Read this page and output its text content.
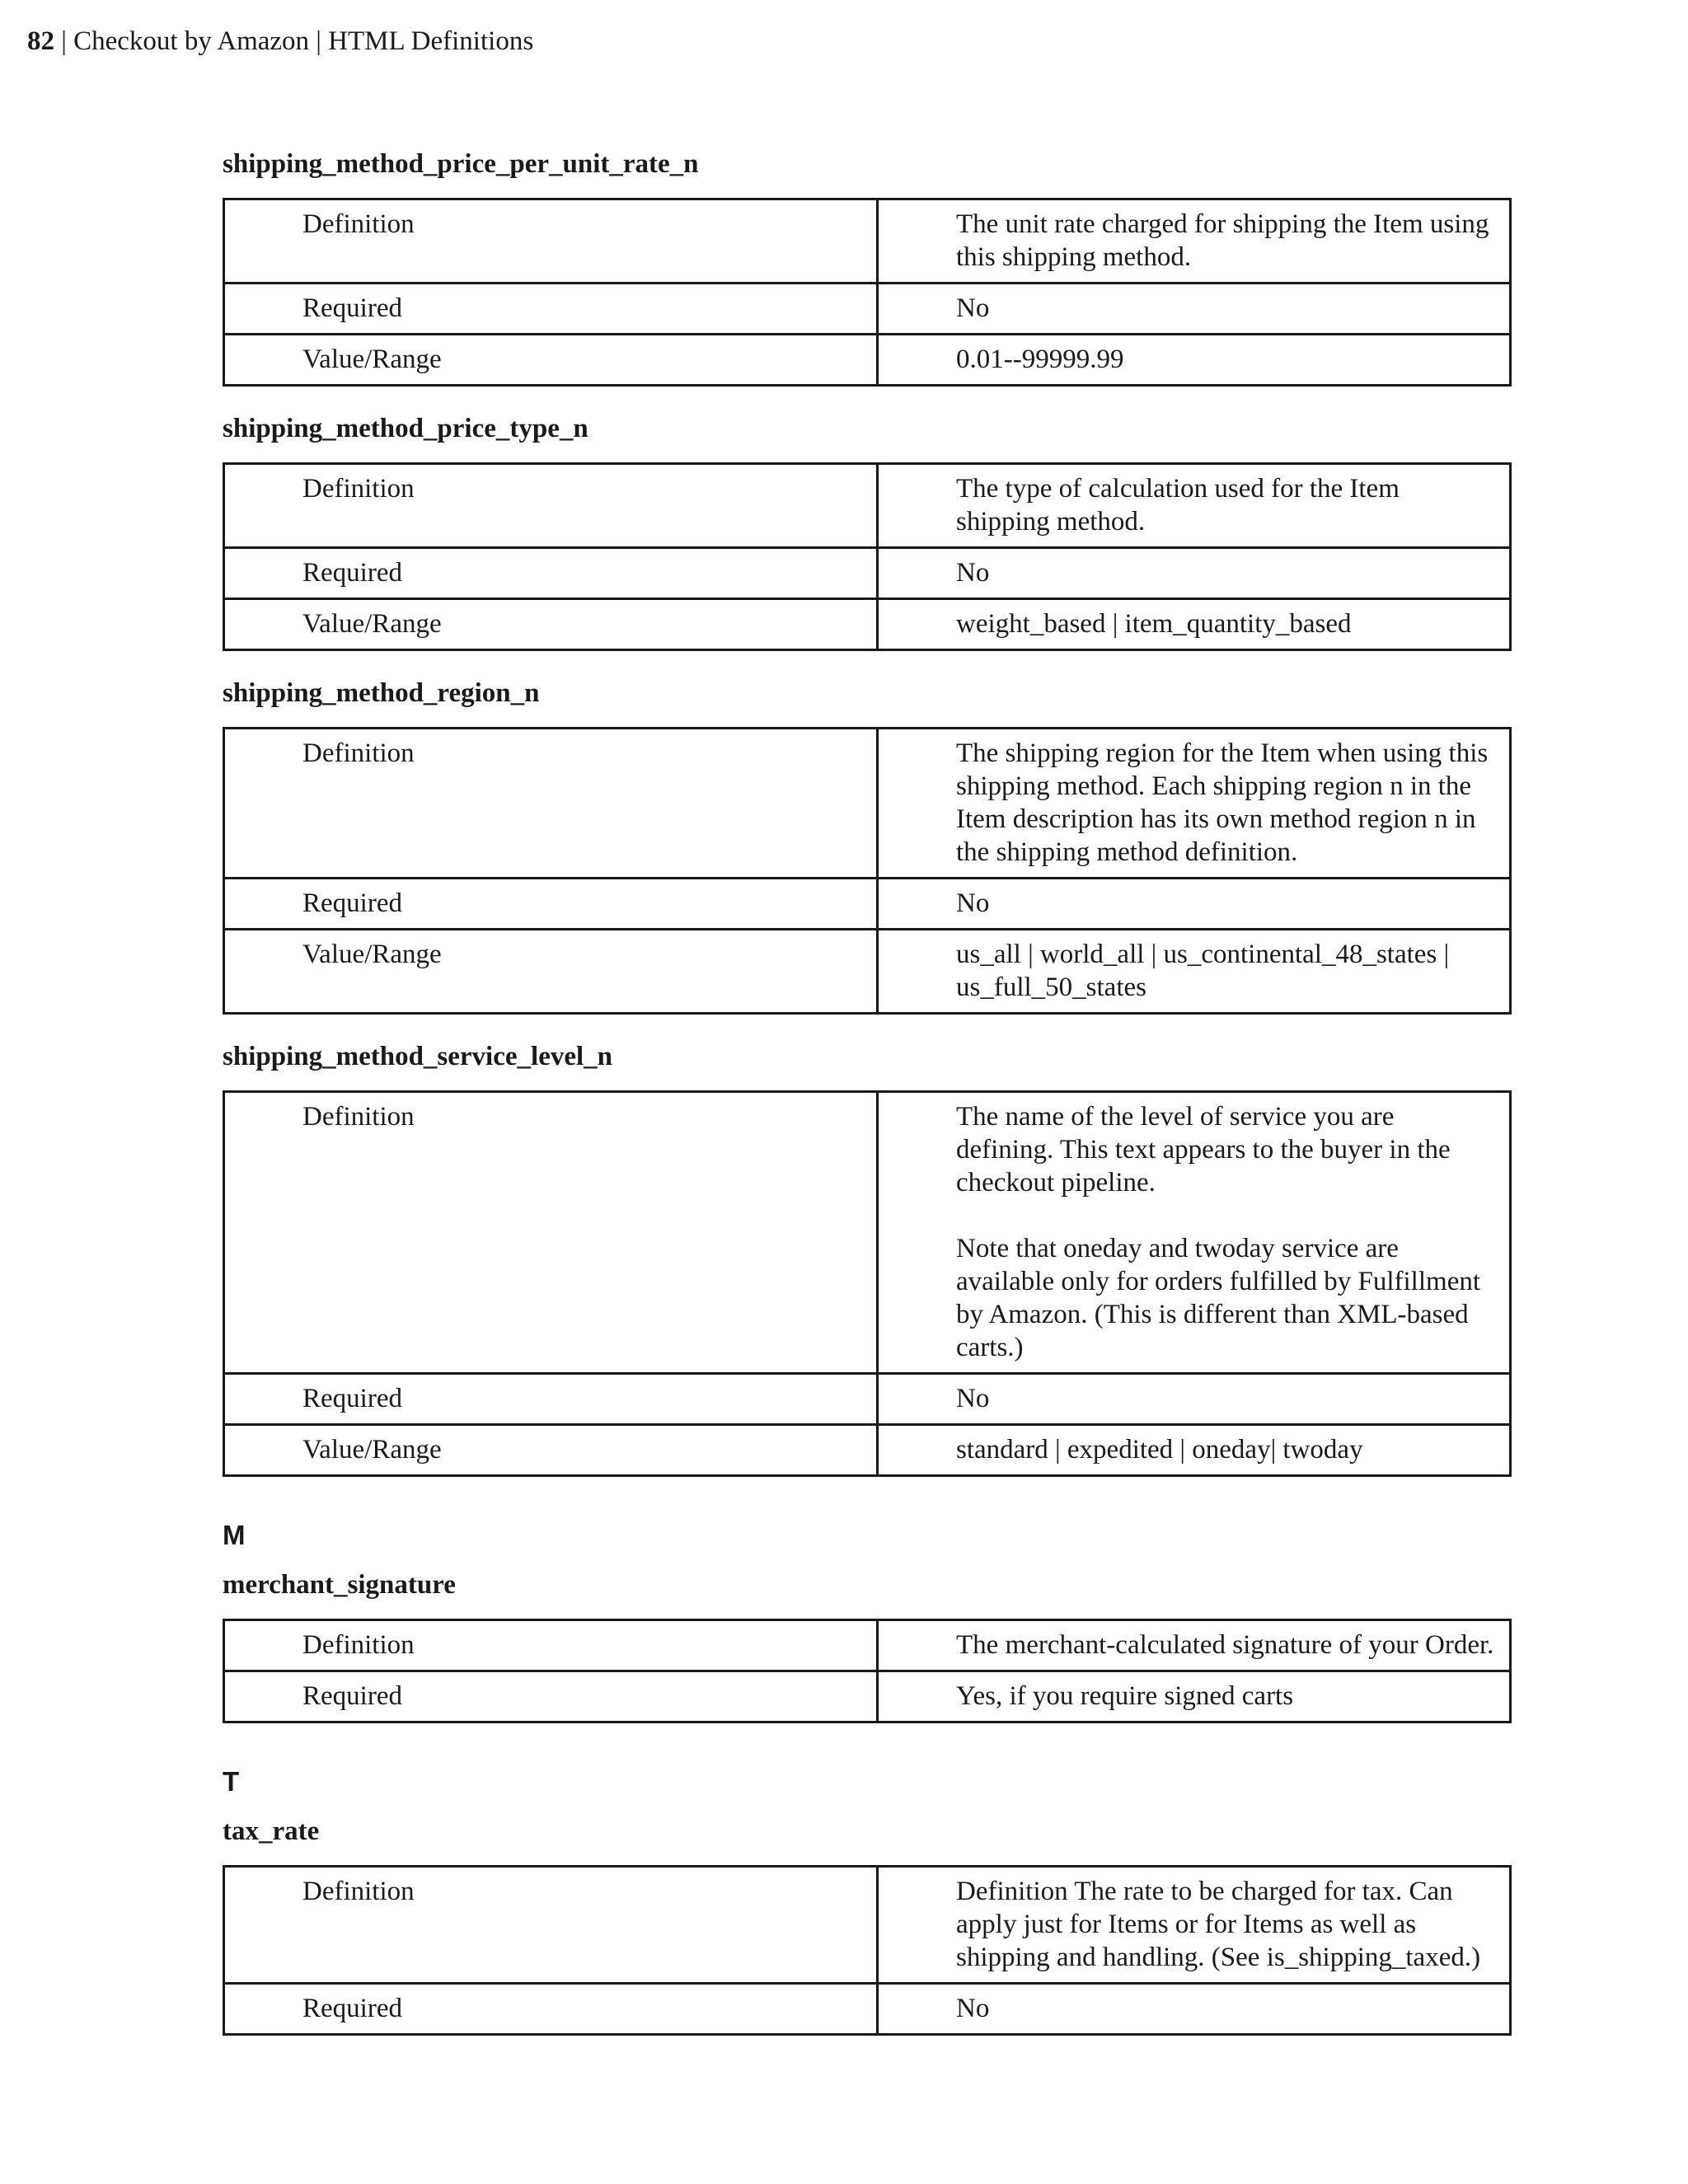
82 | Checkout by Amazon | HTML Definitions
shipping_method_price_per_unit_rate_n
Definition	The unit rate charged for shipping the Item using this shipping method.
Required	No
Value/Range	0.01--99999.99
shipping_method_price_type_n
Definition	The type of calculation used for the Item shipping method.
Required	No
Value/Range	weight_based | item_quantity_based
shipping_method_region_n
Definition	The shipping region for the Item when using this shipping method. Each shipping region n in the Item description has its own method region n in the shipping method definition.
Required	No
Value/Range	us_all | world_all | us_continental_48_states | us_full_50_states
shipping_method_service_level_n
Definition	The name of the level of service you are defining. This text appears to the buyer in the checkout pipeline.

Note that oneday and twoday service are available only for orders fulfilled by Fulfillment by Amazon. (This is different than XML-based carts.)
Required	No
Value/Range	standard | expedited | oneday| twoday
M
merchant_signature
Definition	The merchant-calculated signature of your Order.
Required	Yes, if you require signed carts
T
tax_rate
Definition	Definition The rate to be charged for tax. Can apply just for Items or for Items as well as shipping and handling. (See is_shipping_taxed.)
Required	No
